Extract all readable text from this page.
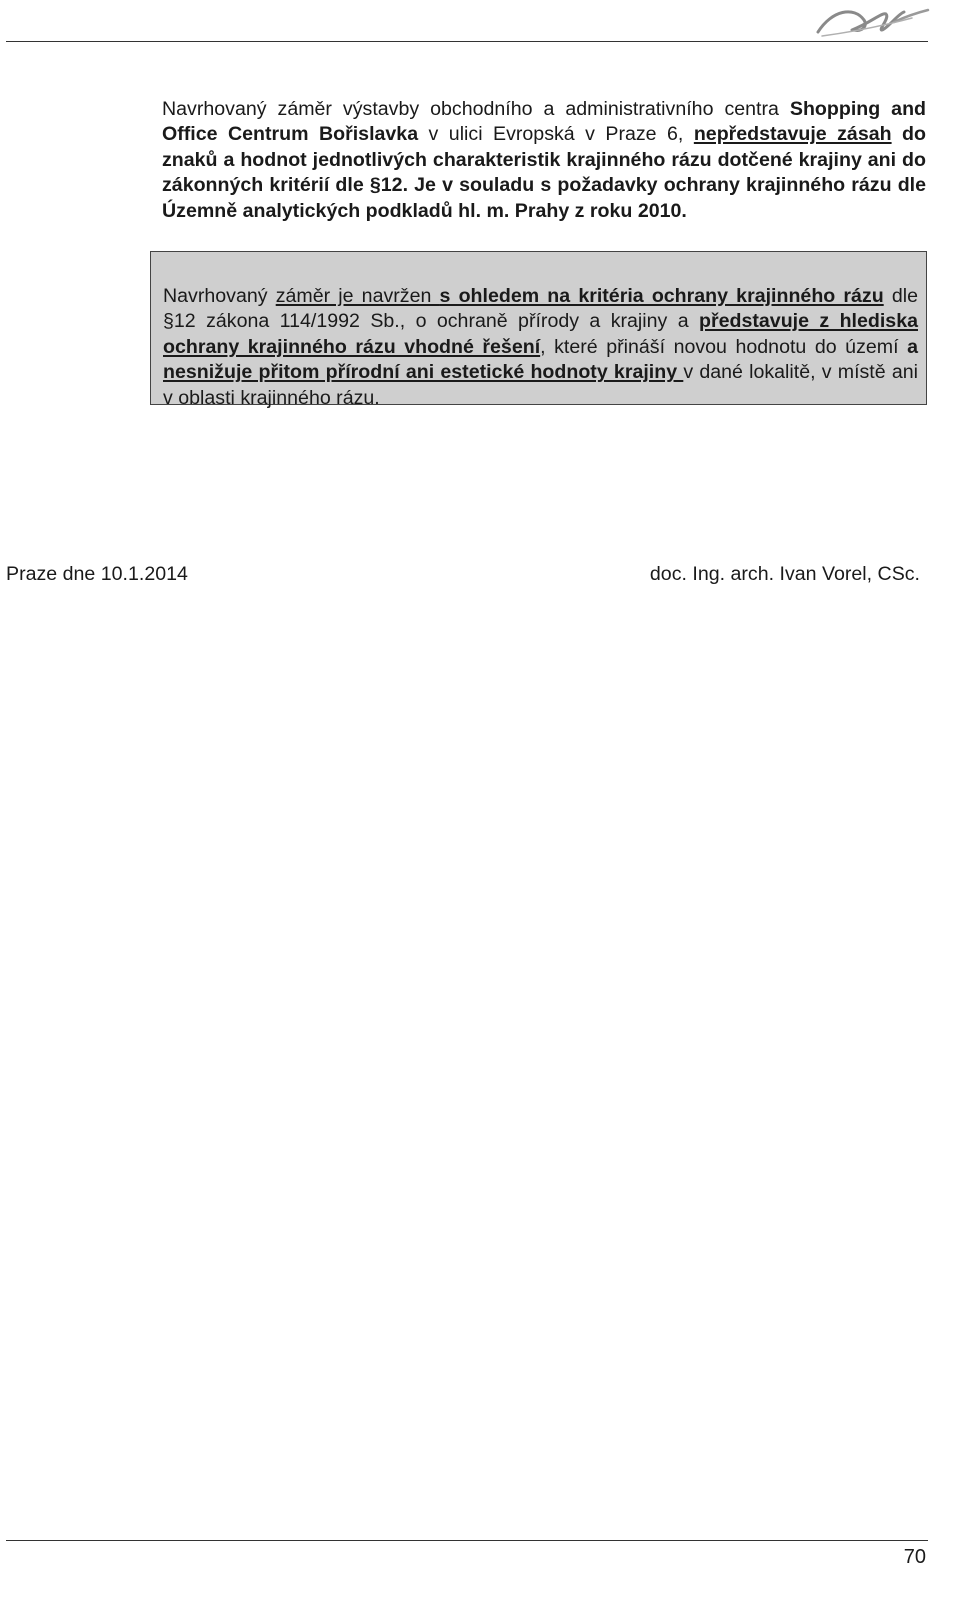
Navrhovaný záměr výstavby obchodního a administrativního centra Shopping and Office Centrum Bořislavka v ulici Evropská v Praze 6, nepředstavuje zásah do znaků a hodnot jednotlivých charakteristik krajinného rázu dotčené krajiny ani do zákonných kritérií dle §12. Je v souladu s požadavky ochrany krajinného rázu dle Územně analytických podkladů hl. m. Prahy z roku 2010.

Navrhovaný záměr je navržen s ohledem na kritéria ochrany krajinného rázu dle §12 zákona 114/1992 Sb., o ochraně přírody a krajiny a představuje z hlediska ochrany krajinného rázu vhodné řešení, které přináší novou hodnotu do území a nesnižuje přitom přírodní ani estetické hodnoty krajiny v dané lokalitě, v místě ani v oblasti krajinného rázu.

Praze dne 10.1.2014	doc. Ing. arch. Ivan Vorel, CSc.
70
